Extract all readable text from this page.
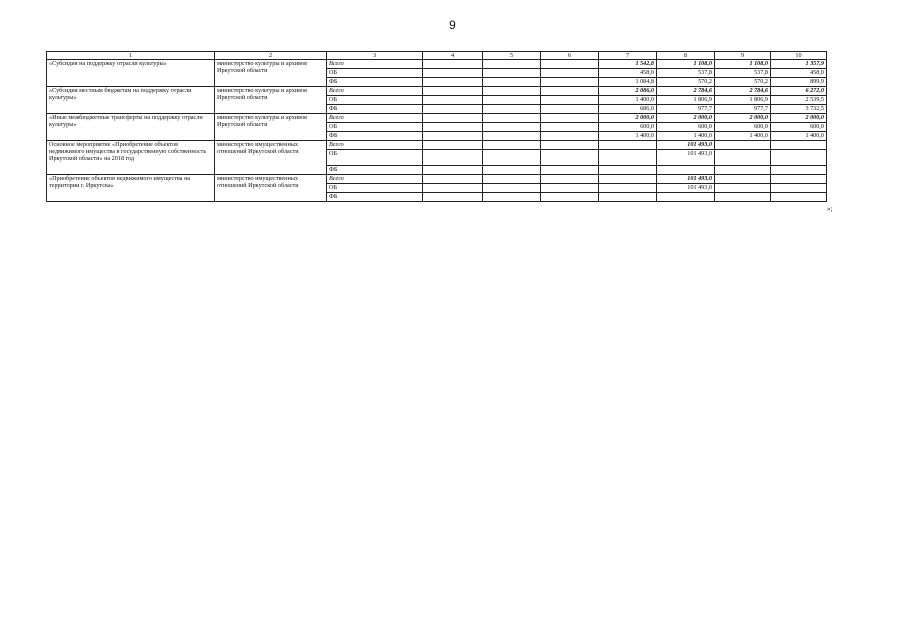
9
1	2	3	4	5	6	7	8	9	10
«Субсидия на поддержку отрасли культуры»	министерство культуры и архивов Иркутской области	Всего				1 542,8	1 108,0	1 108,0	1 357,9
		ОБ				458,0	537,8	537,8	458,0
		ФБ				1 084,8	570,2	570,2	899,9
«Субсидия местным бюджетам на поддержку отрасли культуры»	министерство культуры и архивов Иркутской области	Всего				2 086,0	2 784,6	2 784,6	6 272,0
		ОБ				1 400,0	1 806,9	1 806,9	2 539,5
		ФБ				686,0	977,7	977,7	3 732,5
«Иные межбюджетные трансферты на поддержку отрасли культуры»	министерство культуры и архивов Иркутской области	Всего				2 000,0	2 000,0	2 000,0	2 000,0
		ОБ				600,0	600,0	600,0	600,0
		ФБ				1 400,0	1 400,0	1 400,0	1 400,0
Основное мероприятие «Приобретение объектов недвижимого имущества в государственную собственность Иркутской области» на 2018 год	министерство имущественных отношений Иркутской области	Всего					101 493,0		
		ОБ					101 493,0		
		ФБ							
«Приобретение объектов недвижимого имущества на территории г. Иркутска»	министерство имущественных отношений Иркутской области	Всего					101 493,0		
		ОБ					101 493,0		
		ФБ							
»;
